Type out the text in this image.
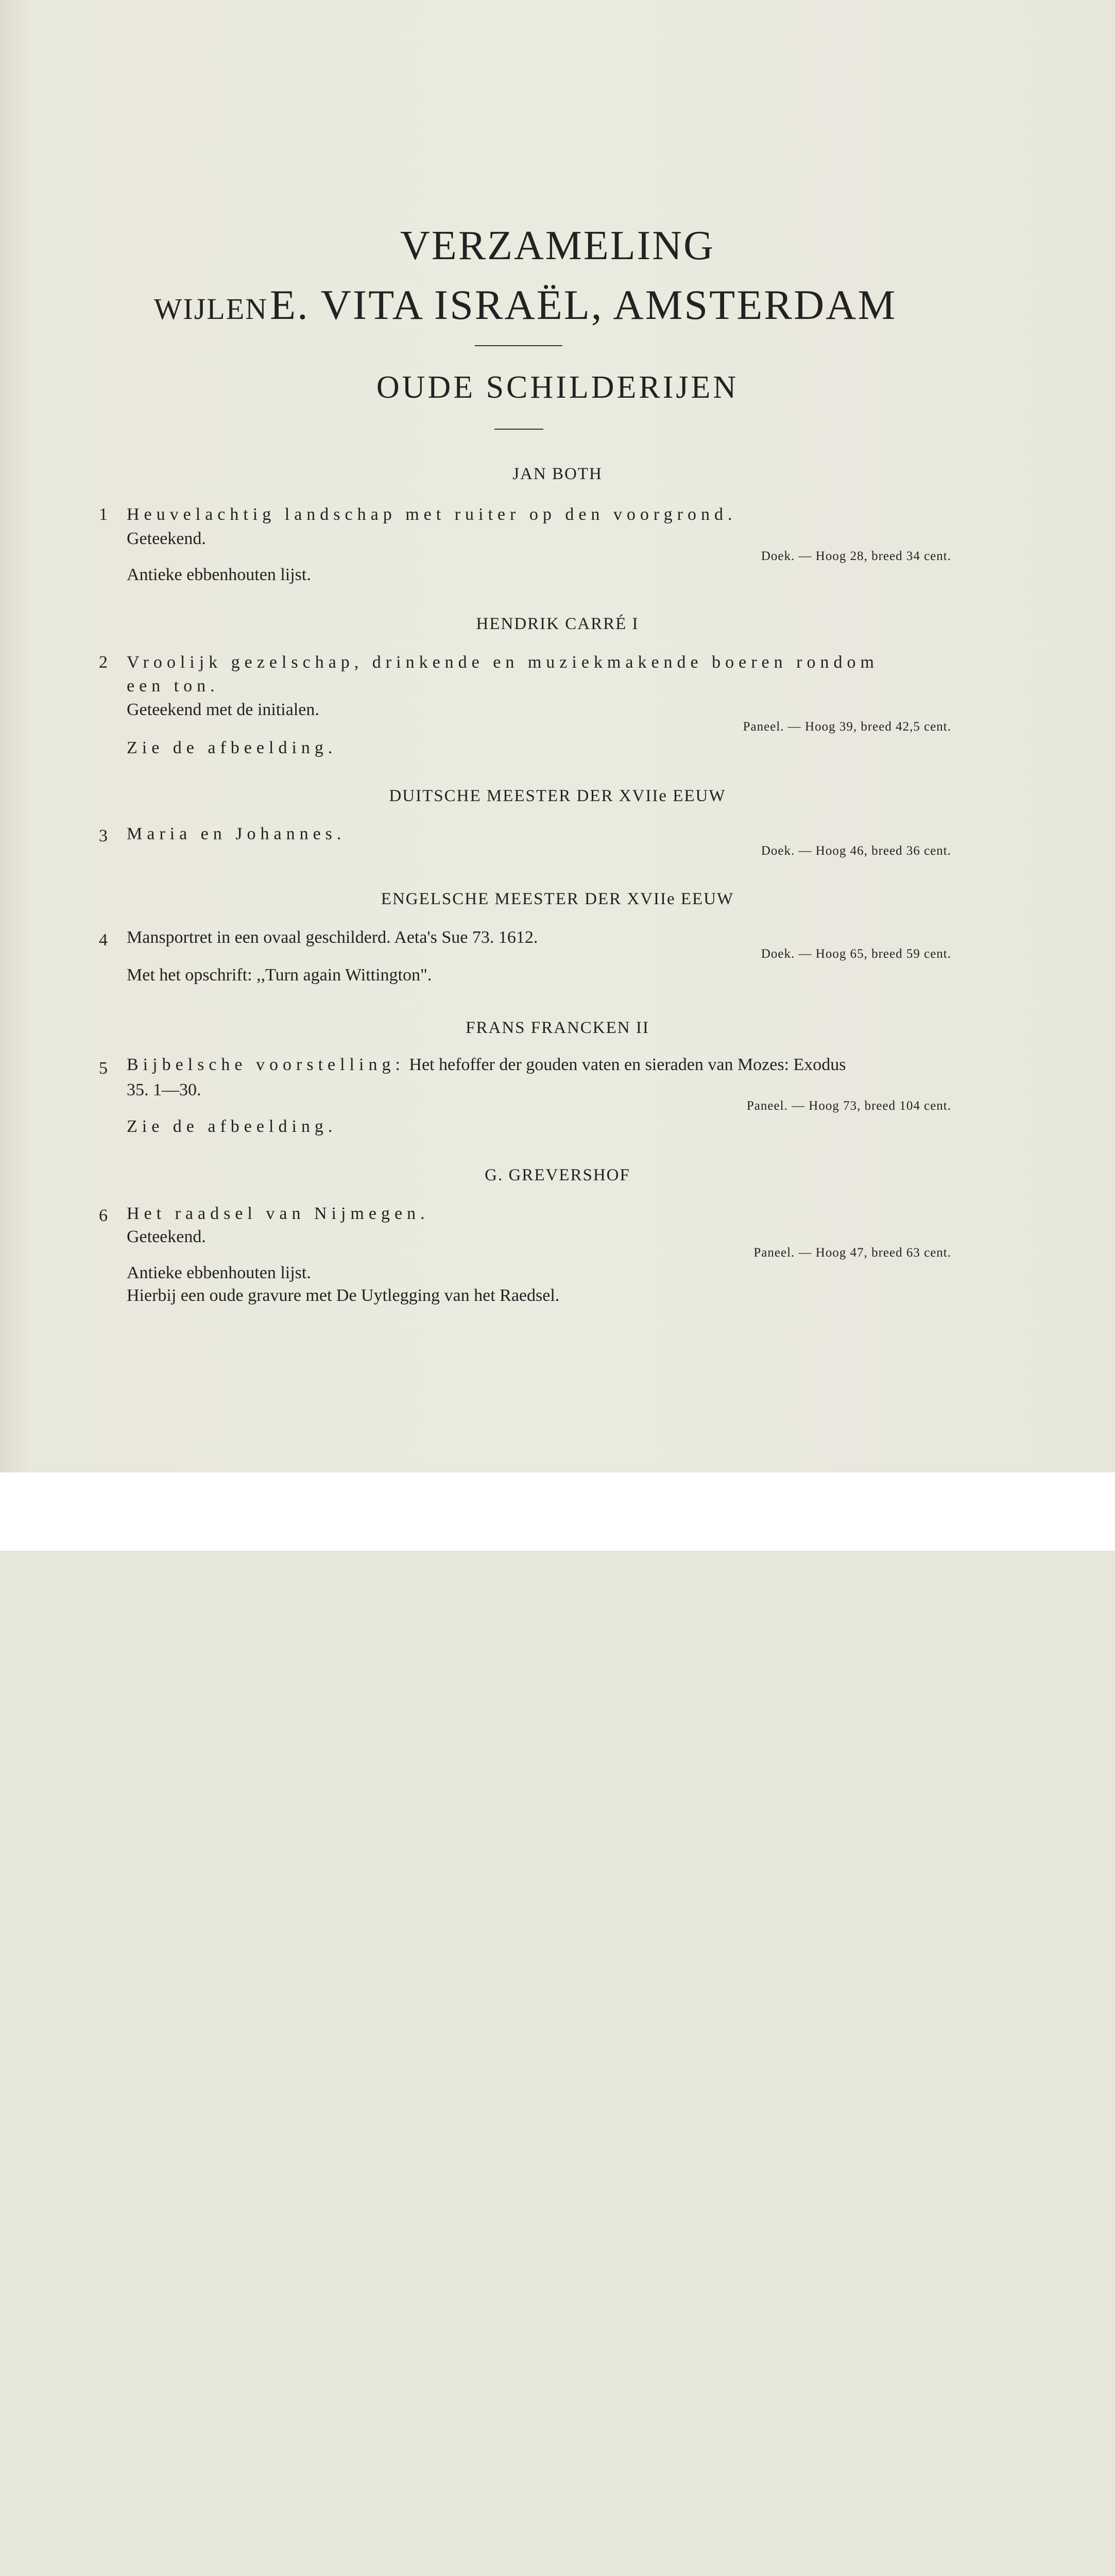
VERZAMELING
WIJLEN E. VITA ISRAËL, AMSTERDAM
OUDE SCHILDERIJEN
JAN BOTH
1 Heuvelachtig landschap met ruiter op den voorgrond.
Geteekend.
Doek. — Hoog 28, breed 34 cent.
Antieke ebbenhouten lijst.
HENDRIK CARRÉ I
2 Vroolijk gezelschap, drinkende en muziekmakende boeren rondom
een ton.
Geteekend met de initialen.
Paneel. — Hoog 39, breed 42,5 cent.
Zie de afbeelding.
DUITSCHE MEESTER DER XVIIe EEUW
3 Maria en Johannes.
Doek. — Hoog 46, breed 36 cent.
ENGELSCHE MEESTER DER XVIIe EEUW
4 Mansportret in een ovaal geschilderd. Aeta's Sue 73. 1612.
Doek. — Hoog 65, breed 59 cent.
Met het opschrift: ,,Turn again Wittington".
FRANS FRANCKEN II
5 Bijbelsche voorstelling: Het hefoffer der gouden vaten en sieraden van Mozes: Exodus
35. 1—30.
Paneel. — Hoog 73, breed 104 cent.
Zie de afbeelding.
G. GREVERSHOF
6 Het raadsel van Nijmegen.
Geteekend.
Paneel. — Hoog 47, breed 63 cent.
Antieke ebbenhouten lijst.
Hierbij een oude gravure met De Uytlegging van het Raedsel.
